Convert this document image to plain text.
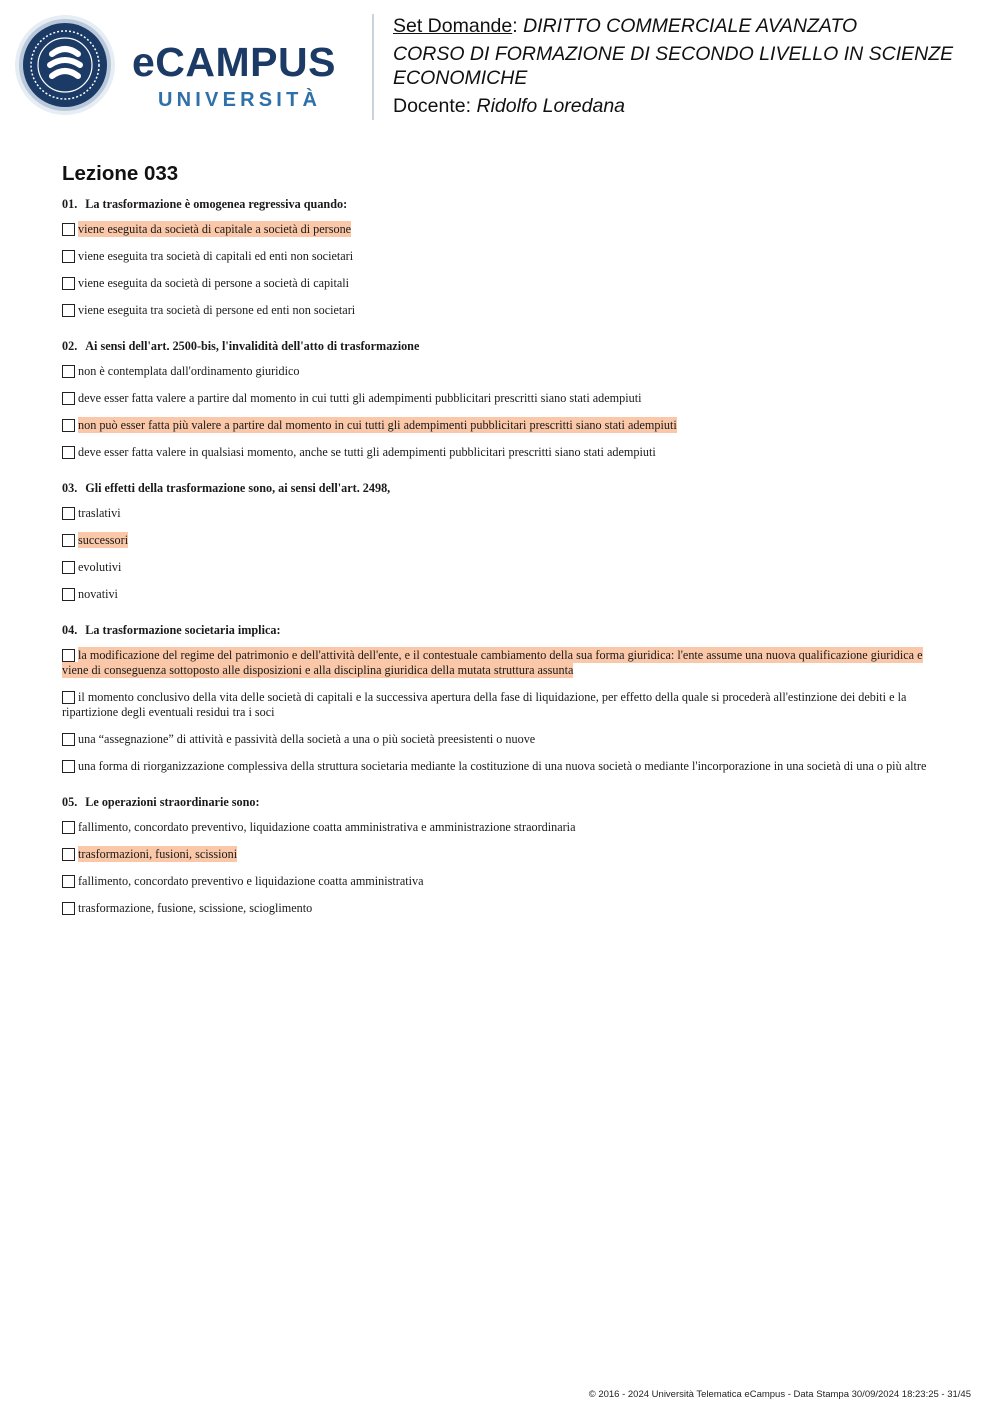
eCAMPUS
UNIVERSITÀ
Set Domande: DIRITTO COMMERCIALE AVANZATO
CORSO DI FORMAZIONE DI SECONDO LIVELLO IN SCIENZE ECONOMICHE
Docente: Ridolfo Loredana
Lezione 033
01. La trasformazione è omogenea regressiva quando:
viene eseguita da società di capitale a società di persone
viene eseguita tra società di capitali ed enti non societari
viene eseguita da società di persone a società di capitali
viene eseguita tra società di persone ed enti non societari
02. Ai sensi dell'art. 2500-bis, l'invalidità dell'atto di trasformazione
non è contemplata dall'ordinamento giuridico
deve esser fatta valere a partire dal momento in cui tutti gli adempimenti pubblicitari prescritti siano stati adempiuti
non può esser fatta più valere a partire dal momento in cui tutti gli adempimenti pubblicitari prescritti siano stati adempiuti
deve esser fatta valere in qualsiasi momento, anche se tutti gli adempimenti pubblicitari prescritti siano stati adempiuti
03. Gli effetti della trasformazione sono, ai sensi dell'art. 2498,
traslativi
successori
evolutivi
novativi
04. La trasformazione societaria implica:
la modificazione del regime del patrimonio e dell'attività dell'ente, e il contestuale cambiamento della sua forma giuridica: l'ente assume una nuova qualificazione giuridica e viene di conseguenza sottoposto alle disposizioni e alla disciplina giuridica della mutata struttura assunta
il momento conclusivo della vita delle società di capitali e la successiva apertura della fase di liquidazione, per effetto della quale si procederà all'estinzione dei debiti e la ripartizione degli eventuali residui tra i soci
una “assegnazione” di attività e passività della società a una o più società preesistenti o nuove
una forma di riorganizzazione complessiva della struttura societaria mediante la costituzione di una nuova società o mediante l'incorporazione in una società di una o più altre
05. Le operazioni straordinarie sono:
fallimento, concordato preventivo, liquidazione coatta amministrativa e amministrazione straordinaria
trasformazioni, fusioni, scissioni
fallimento, concordato preventivo e liquidazione coatta amministrativa
trasformazione, fusione, scissione, scioglimento
© 2016 - 2024 Università Telematica eCampus - Data Stampa 30/09/2024 18:23:25 - 31/45
